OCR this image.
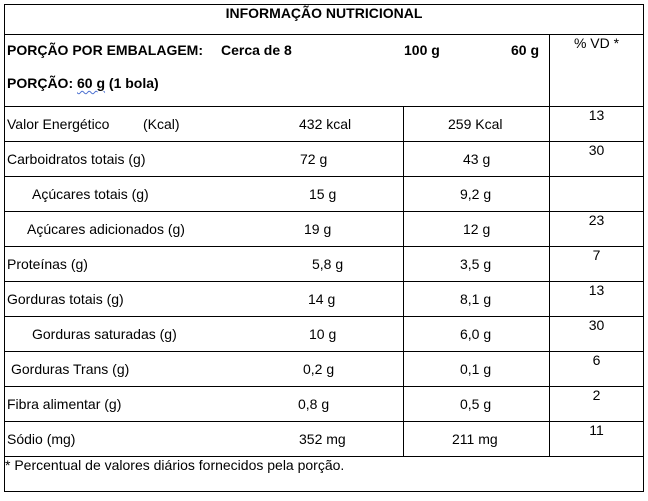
INFORMAÇÃO NUTRICIONAL		

PORÇÃO POR EMBALAGEM: Cerca de 8 100 g 60 g
PORÇÃO: 60 g (1 bola)		% VD *

Valor Energético (Kcal) 432 kcal	259 Kcal	13

Carboidratos totais (g) 72 g	43 g	30

Açúcares totais (g) 15 g	9,2 g	

Açúcares adicionados (g) 19 g	12 g	23

Proteínas (g) 5,8 g	3,5 g	7

Gorduras totais (g) 14 g	8,1 g	13

Gorduras saturadas (g) 10 g	6,0 g	30

Gorduras Trans (g) 0,2 g	0,1 g	6

Fibra alimentar (g) 0,8 g	0,5 g	2

Sódio (mg) 352 mg	211 mg	11
* Percentual de valores diários fornecidos pela porção.		
